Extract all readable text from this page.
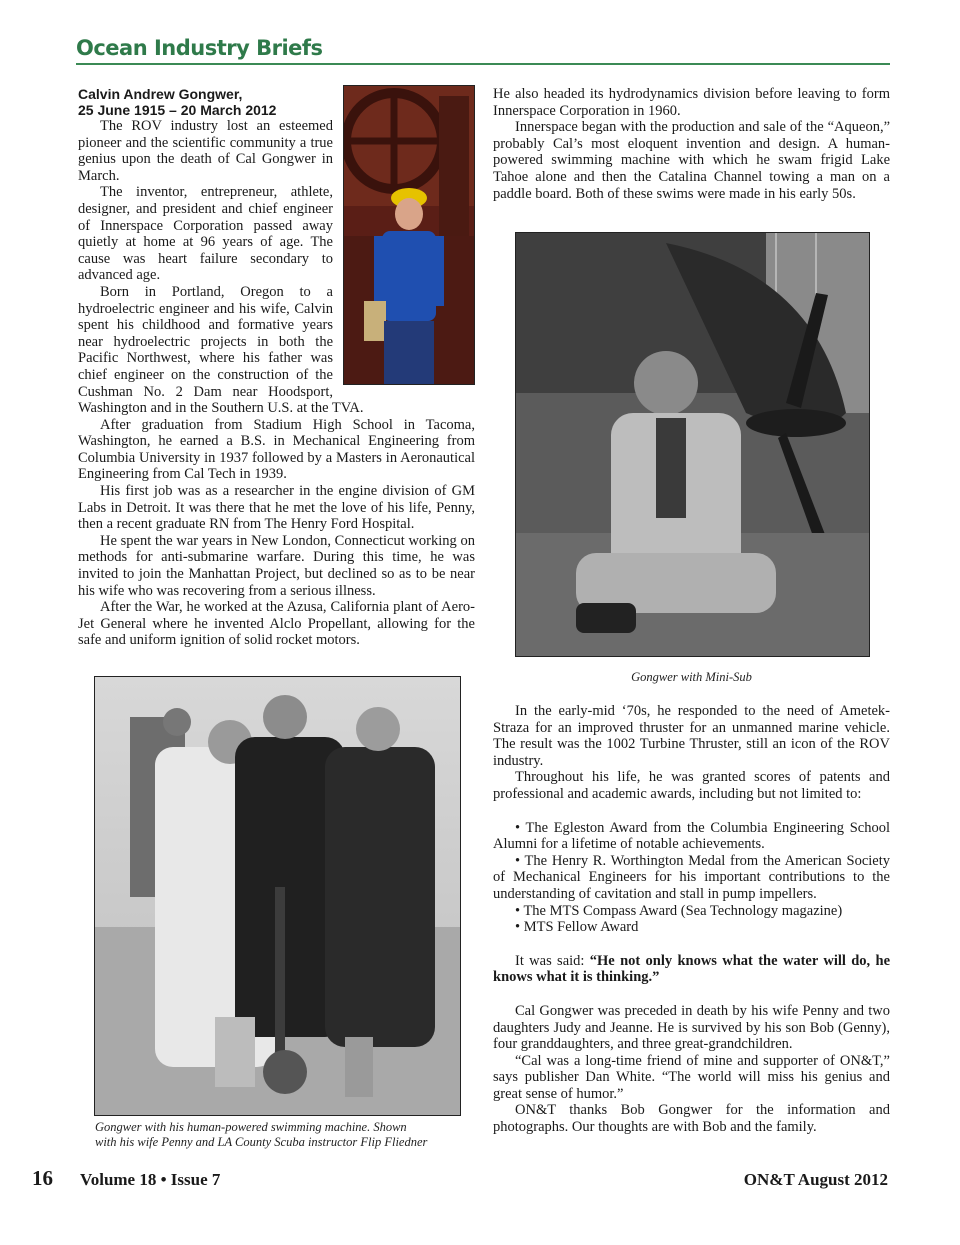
Ocean Industry Briefs
Calvin Andrew Gongwer,
25 June 1915 – 20 March 2012

The ROV industry lost an esteemed pioneer and the scientific community a true genius upon the death of Cal Gongwer in March.

The inventor, entrepreneur, athlete, designer, and president and chief engineer of Innerspace Corporation passed away quietly at home at 96 years of age. The cause was heart failure secondary to advanced age.

Born in Portland, Oregon to a hydroelectric engineer and his wife, Calvin spent his childhood and formative years near hydroelectric projects in both the Pacific Northwest, where his father was chief engineer on the construction of the Cushman No. 2 Dam near Hoodsport, Washington and in the Southern U.S. at the TVA.

After graduation from Stadium High School in Tacoma, Washington, he earned a B.S. in Mechanical Engineering from Columbia University in 1937 followed by a Masters in Aeronautical Engineering from Cal Tech in 1939.

His first job was as a researcher in the engine division of GM Labs in Detroit. It was there that he met the love of his life, Penny, then a recent graduate RN from The Henry Ford Hospital.

He spent the war years in New London, Connecticut working on methods for anti-submarine warfare. During this time, he was invited to join the Manhattan Project, but declined so as to be near his wife who was recovering from a serious illness.

After the War, he worked at the Azusa, California plant of Aero-Jet General where he invented Alclo Propellant, allowing for the safe and uniform ignition of solid rocket motors.

Gongwer with his human-powered swimming machine. Shown
with his wife Penny and LA County Scuba instructor Flip Fliedner

He also headed its hydrodynamics division before leaving to form Innerspace Corporation in 1960.

Innerspace began with the production and sale of the “Aqueon,” probably Cal’s most eloquent invention and design. A human-powered swimming machine with which he swam frigid Lake Tahoe alone and then the Catalina Channel towing a man on a paddle board. Both of these swims were made in his early 50s.

Gongwer with Mini-Sub

In the early-mid ‘70s, he responded to the need of Ametek-Straza for an improved thruster for an unmanned marine vehicle. The result was the 1002 Turbine Thruster, still an icon of the ROV industry.

Throughout his life, he was granted scores of patents and professional and academic awards, including but not limited to:

• The Egleston Award from the Columbia Engineering School Alumni for a lifetime of notable achievements.

• The Henry R. Worthington Medal from the American Society of Mechanical Engineers for his important contributions to the understanding of cavitation and stall in pump impellers.

• The MTS Compass Award (Sea Technology magazine)

• MTS Fellow Award

It was said: “He not only knows what the water will do, he knows what it is thinking.”

Cal Gongwer was preceded in death by his wife Penny and two daughters Judy and Jeanne. He is survived by his son Bob (Genny), four granddaughters, and three great-grandchildren.

“Cal was a long-time friend of mine and supporter of ON&T,” says publisher Dan White. “The world will miss his genius and great sense of humor.”

ON&T thanks Bob Gongwer for the information and photographs. Our thoughts are with Bob and the family.

16 Volume 18 • Issue 7	ON&T August 2012
